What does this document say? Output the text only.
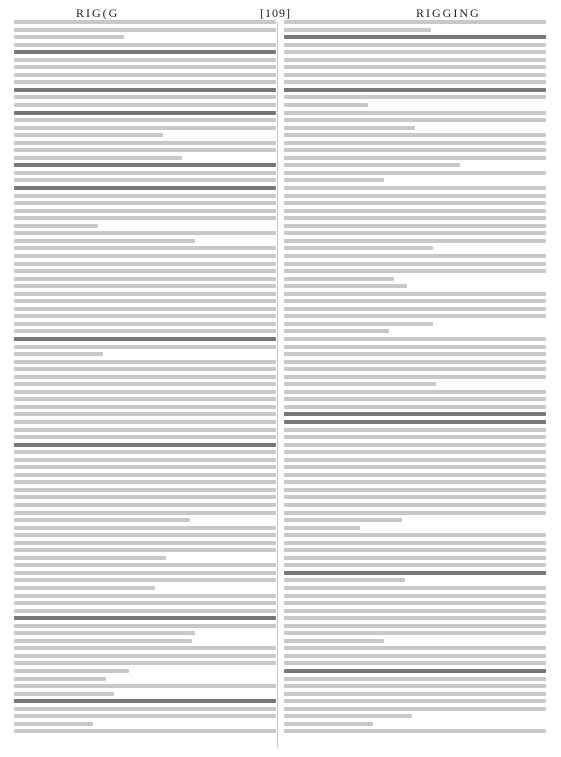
RIG(G	[109]	RIGGING
